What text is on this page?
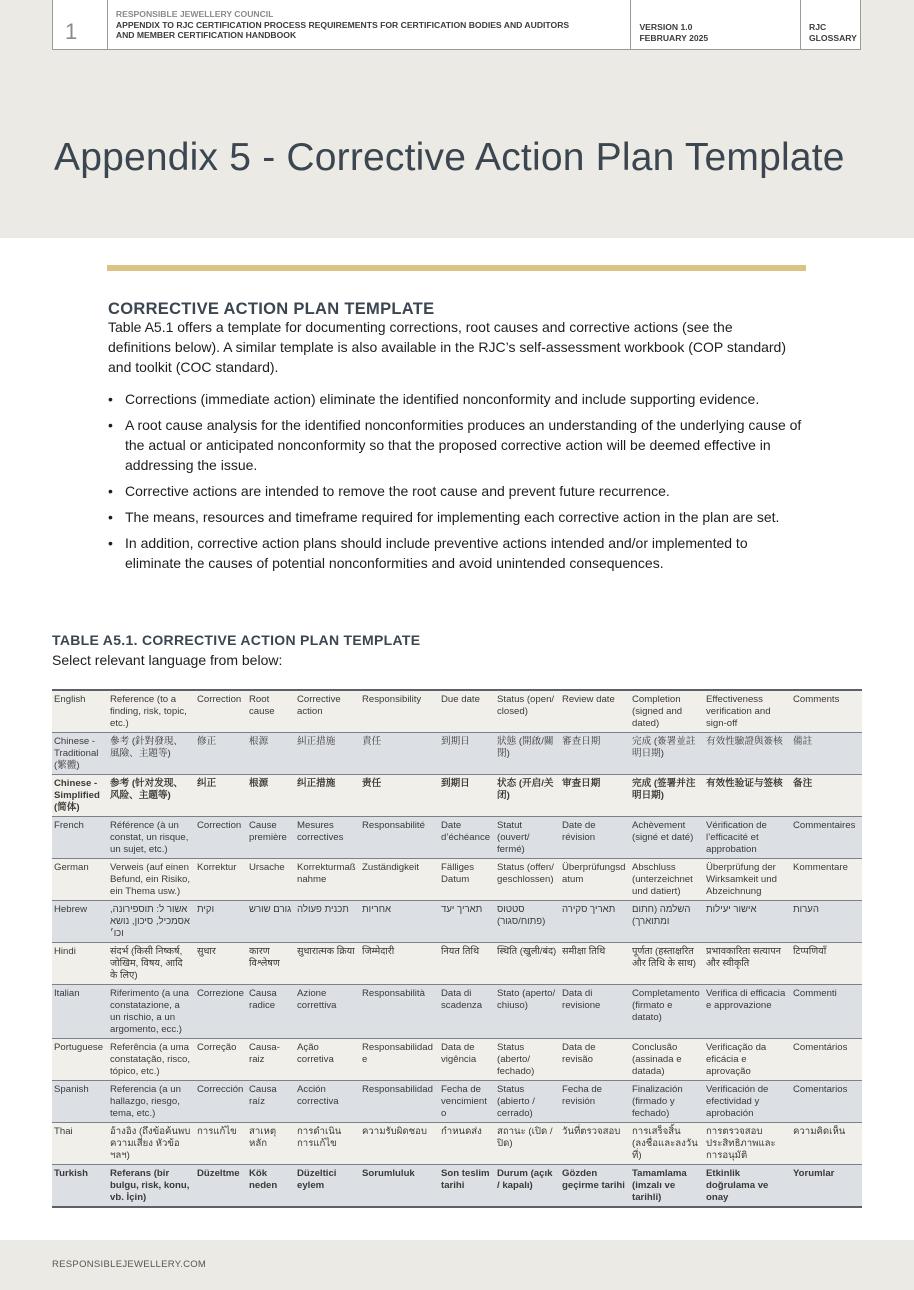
1
RESPONSIBLE JEWELLERY COUNCIL
APPENDIX TO RJC CERTIFICATION PROCESS REQUIREMENTS FOR CERTIFICATION BODIES AND AUDITORS
AND MEMBER CERTIFICATION HANDBOOK
VERSION 1.0
FEBRUARY 2025
RJC
GLOSSARY
Appendix 5 - Corrective Action Plan Template
CORRECTIVE ACTION PLAN TEMPLATE

Table A5.1 offers a template for documenting corrections, root causes and corrective actions (see the definitions below). A similar template is also available in the RJC’s self-assessment workbook (COP standard) and toolkit (COC standard).

• Corrections (immediate action) eliminate the identified nonconformity and include supporting evidence.
• A root cause analysis for the identified nonconformities produces an understanding of the underlying cause of the actual or anticipated nonconformity so that the proposed corrective action will be deemed effective in addressing the issue.
• Corrective actions are intended to remove the root cause and prevent future recurrence.
• The means, resources and timeframe required for implementing each corrective action in the plan are set.
• In addition, corrective action plans should include preventive actions intended and/or implemented to eliminate the causes of potential nonconformities and avoid unintended consequences.
TABLE A5.1. CORRECTIVE ACTION PLAN TEMPLATE
Select relevant language from below:
English	Reference (to a finding, risk, topic, etc.)	Correction	Root cause	Corrective action	Responsibility	Due date	Status (open/ closed)	Review date	Completion (signed and dated)	Effectiveness verification and sign-off	Comments
Chinese - Traditional (繁體)	參考 (針對發現、風險、主題等)	修正	根源	糾正措施	責任	到期日	狀態 (開啟/關閉)	審查日期	完成 (簽署並註明日期)	有效性驗證與簽核	備註
Chinese - Simplified (简体)	参考 (针对发现、风险、主题等)	纠正	根源	纠正措施	责任	到期日	状态 (开启/关闭)	审查日期	完成 (签署并注明日期)	有效性验证与签核	备注
French	Référence (à un constat, un risque, un sujet, etc.)	Correction	Cause première	Mesures correctives	Responsabilité	Date d’échéance	Statut (ouvert/ fermé)	Date de révision	Achèvement (signé et daté)	Vérification de l’efficacité et approbation	Commentaires
German	Verweis (auf einen Befund, ein Risiko, ein Thema usw.)	Korrektur	Ursache	Korrekturmaßnahme	Zuständigkeit	Fälliges Datum	Status (offen/ geschlossen)	Überprüfungsdatum	Abschluss (unterzeichnet und datiert)	Überprüfung der Wirksamkeit und Abzeichnung	Kommentare
Hebrew	אשור ל: תוספירונה, אסמכיל, סיכון, נושא וכו׳	וקית	גורם שורש	תכנית פעולה	אחריות	תאריך יעד	סטטוס (פתוח/סגור)	תאריך סקירה	השלמה (חתום ומתוארך)	אישור יעילות	הערות
Hindi	संदर्भ (किसी निष्कर्ष, जोखिम, विषय, आदि के लिए)	सुधार	कारण विश्लेषण	सुधारात्मक क्रिया	जिम्मेदारी	नियत तिथि	स्थिति (खुली/बंद)	समीक्षा तिथि	पूर्णता (हस्ताक्षरित और तिथि के साथ)	प्रभावकारिता सत्यापन और स्वीकृति	टिप्पणियाँ
Italian	Riferimento (a una constatazione, a un rischio, a un argomento, ecc.)	Correzione	Causa radice	Azione correttiva	Responsabilità	Data di scadenza	Stato (aperto/ chiuso)	Data di revisione	Completamento (firmato e datato)	Verifica di efficacia e approvazione	Commenti
Portuguese	Referência (a uma constatação, risco, tópico, etc.)	Correção	Causa-raiz	Ação corretiva	Responsabilidade	Data de vigência	Status (aberto/ fechado)	Data de revisão	Conclusão (assinada e datada)	Verificação da eficácia e aprovação	Comentários
Spanish	Referencia (a un hallazgo, riesgo, tema, etc.)	Corrección	Causa raíz	Acción correctiva	Responsabilidad	Fecha de vencimiento	Status (abierto / cerrado)	Fecha de revisión	Finalización (firmado y fechado)	Verificación de efectividad y aprobación	Comentarios
Thai	อ้างอิง (ถึงข้อค้นพบ ความเสี่ยง หัวข้อ ฯลฯ)	การแก้ไข	สาเหตุหลัก	การดำเนินการแก้ไข	ความรับผิดชอบ	กำหนดส่ง	สถานะ (เปิด / ปิด)	วันที่ตรวจสอบ	การเสร็จสิ้น (ลงชื่อและลงวันที่)	การตรวจสอบประสิทธิภาพและการอนุมัติ	ความคิดเห็น
Turkish	Referans (bir bulgu, risk, konu, vb. İçin)	Düzeltme	Kök neden	Düzeltici eylem	Sorumluluk	Son teslim tarihi	Durum (açık / kapalı)	Gözden geçirme tarihi	Tamamlama (imzalı ve tarihli)	Etkinlik doğrulama ve onay	Yorumlar
RESPONSIBLEJEWELLERY.COM
